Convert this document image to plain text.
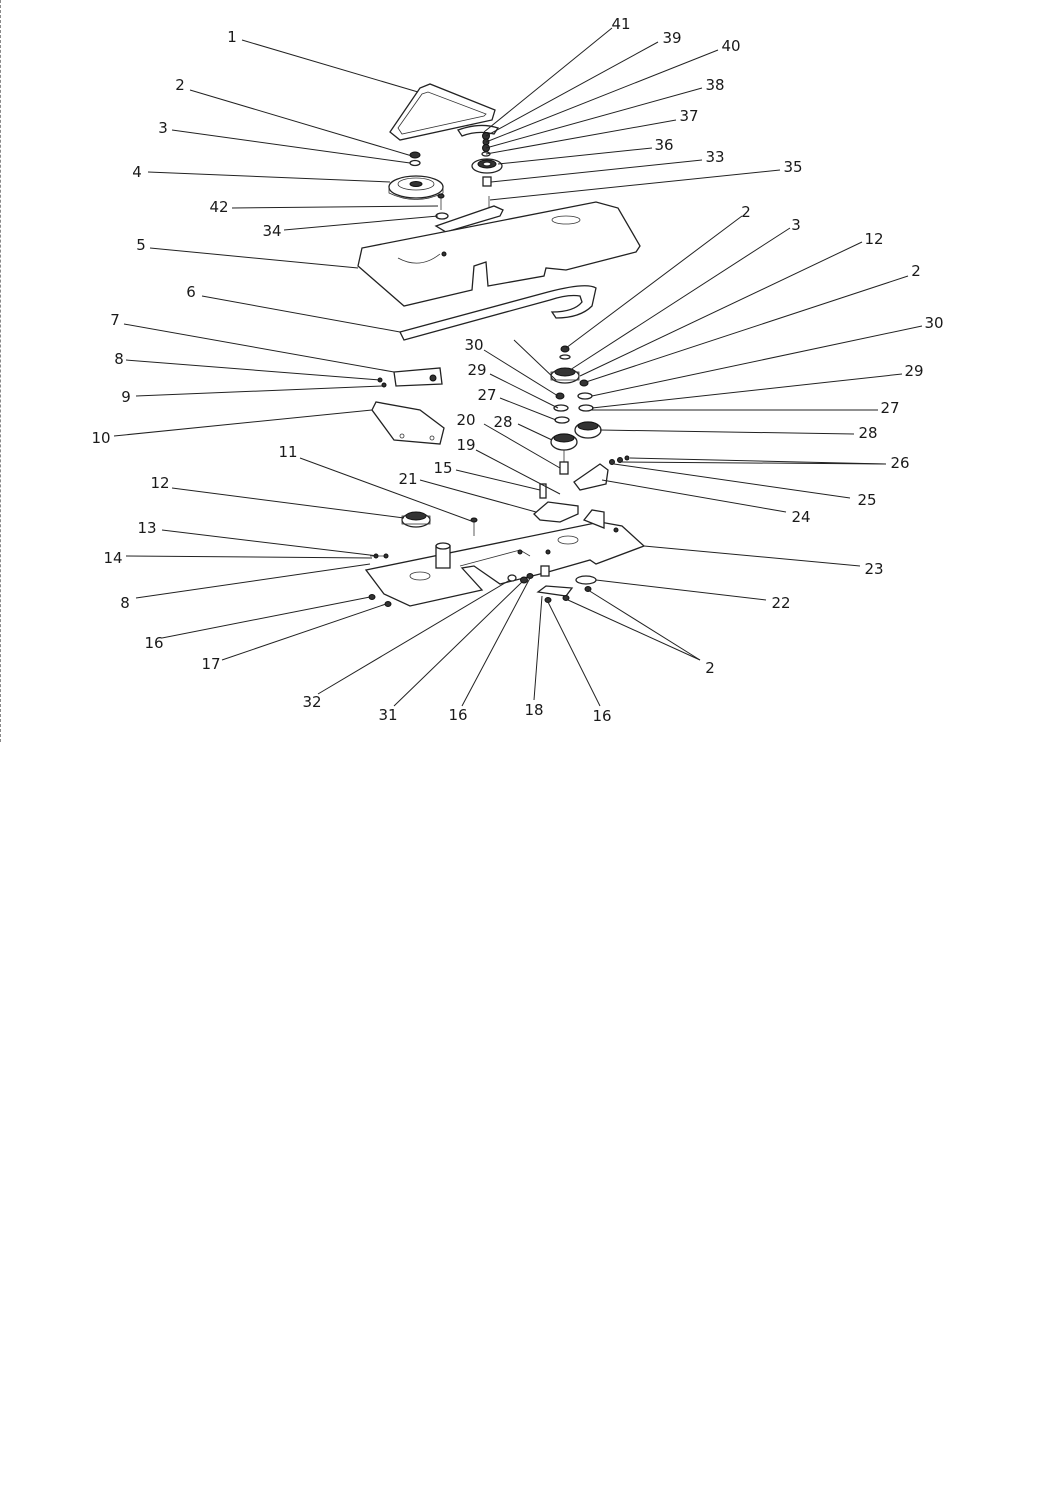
1
2
3
4
42
34
5
6
7
8
9
10
41
39	40
38
37
36
33
35
2
3
12
2
30
29
27
28
26
25
24
23
22
2
30
29
27
28
20
19
15
21
11
12
13
14
8
16
17
32
31	16	18	16
